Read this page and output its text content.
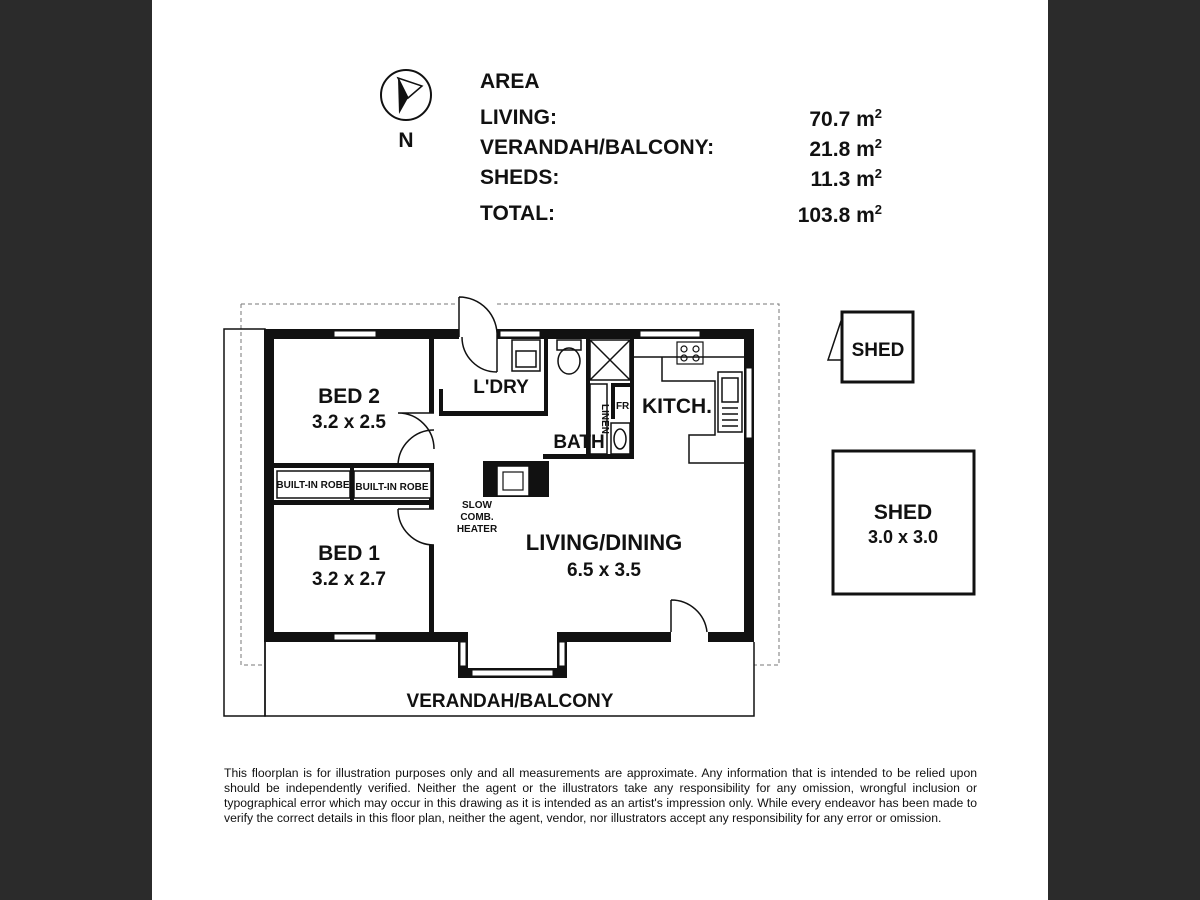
AREA
LIVING:	70.7 $m^2$
VERANDAH/BALCONY:	21.8 $m^2$
SHEDS:	11.3 $m^2$
TOTAL:	103.8 $m^2$
N
BED 2
3.2 x 2.5
BED 1
3.2 x 2.7
L'DRY
BATH
LINEN FR. KITCH.
BUILT-IN ROBE BUILT-IN ROBE
SLOW
COMB.
HEATER
LIVING/DINING
6.5 x 3.5
VERANDAH/BALCONY
SHED
SHED
3.0 x 3.0
This floorplan is for illustration purposes only and all measurements are approximate. Any information that is intended to be relied upon should be independently verified. Neither the agent or the illustrators take any responsibility for any omission, wrongful inclusion or typographical error which may occur in this drawing as it is intended as an artist's impression only. While every endeavor has been made to verify the correct details in this floor plan, neither the agent, vendor, nor illustrators accept any responsibility for any error or omission.
